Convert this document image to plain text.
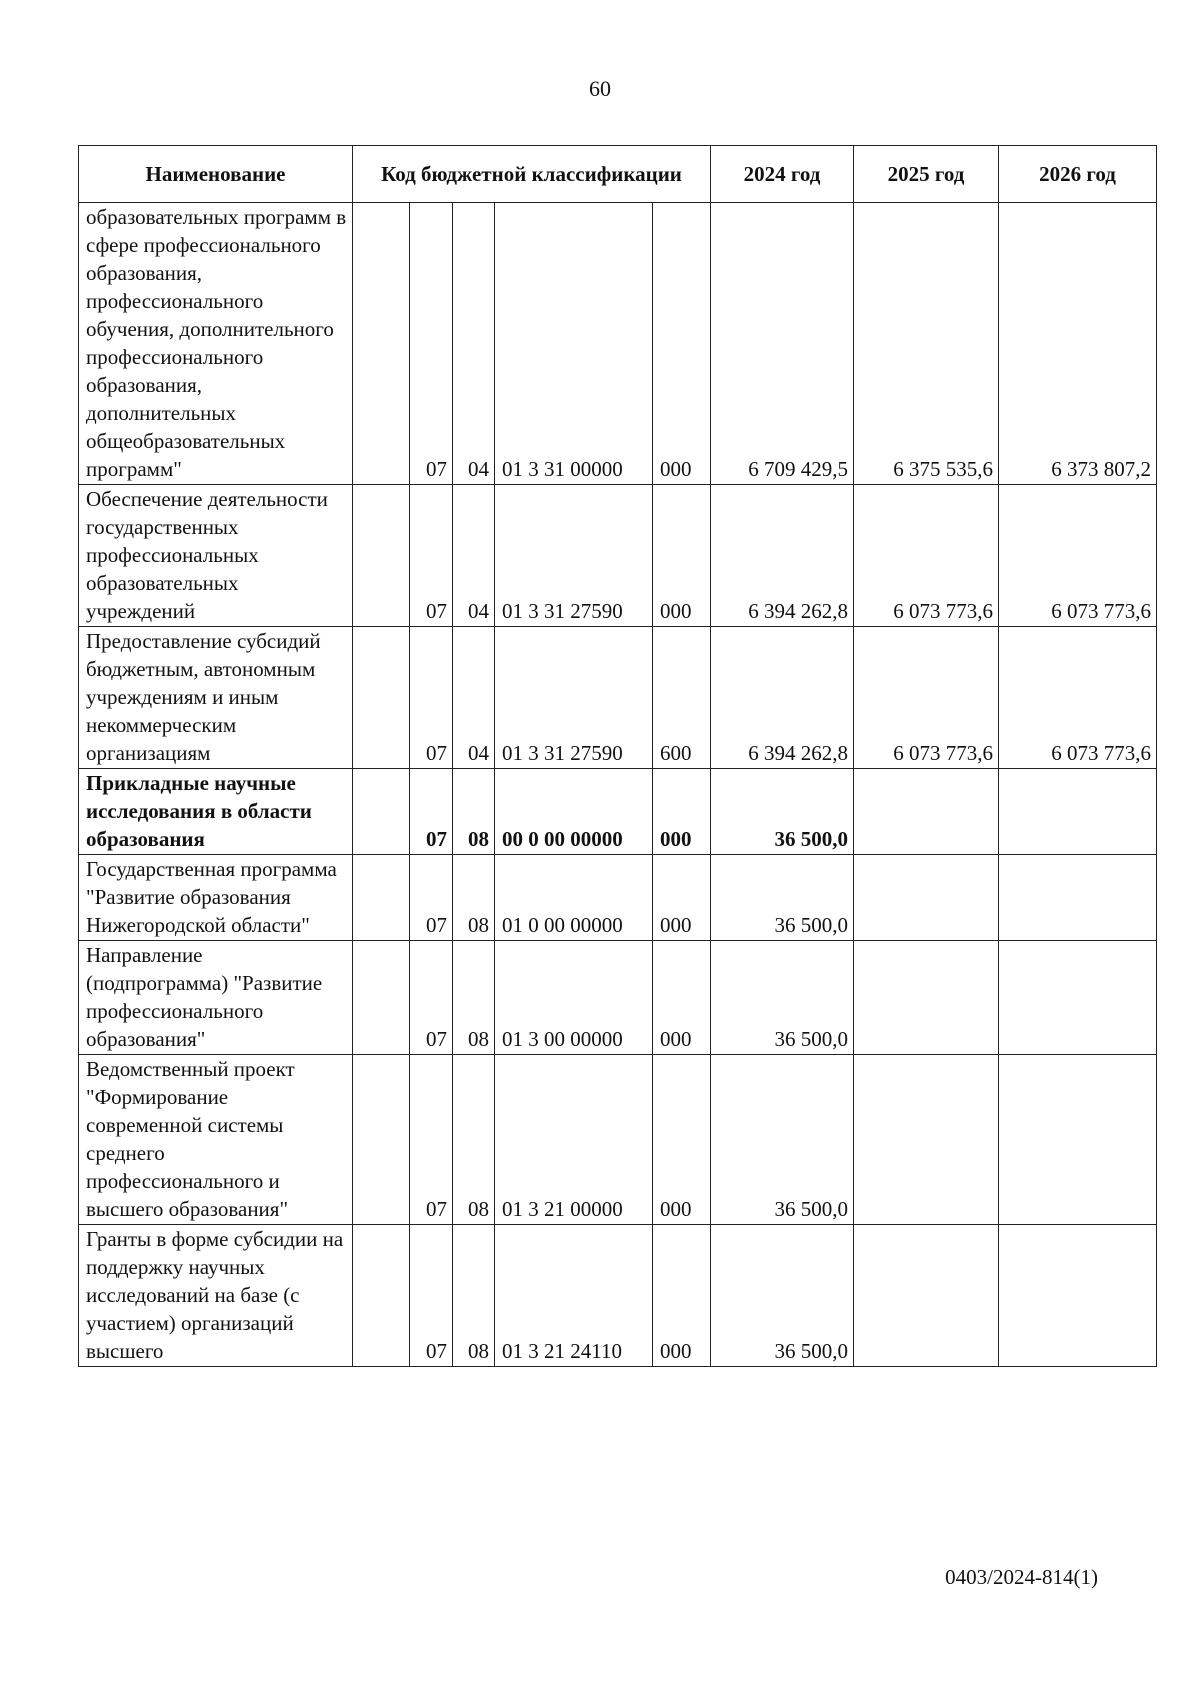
60
Наименование	Код бюджетной классификации					2024 год	2025 год	2026 год
образовательных программ в сфере профессионального образования, профессионального обучения, дополнительного профессионального образования, дополнительных общеобразовательных программ"		07	04	01 3 31 00000	000	6 709 429,5	6 375 535,6	6 373 807,2
Обеспечение деятельности государственных профессиональных образовательных учреждений		07	04	01 3 31 27590	000	6 394 262,8	6 073 773,6	6 073 773,6
Предоставление субсидий бюджетным, автономным учреждениям и иным некоммерческим организациям		07	04	01 3 31 27590	600	6 394 262,8	6 073 773,6	6 073 773,6
Прикладные научные исследования в области образования		07	08	00 0 00 00000	000	36 500,0		
Государственная программа "Развитие образования Нижегородской области"		07	08	01 0 00 00000	000	36 500,0		
Направление (подпрограмма) "Развитие профессионального образования"		07	08	01 3 00 00000	000	36 500,0		
Ведомственный проект "Формирование современной системы среднего профессионального и высшего образования"		07	08	01 3 21 00000	000	36 500,0		
Гранты в форме субсидии на поддержку научных исследований на базе (с участием) организаций высшего		07	08	01 3 21 24110	000	36 500,0		
0403/2024-814(1)
